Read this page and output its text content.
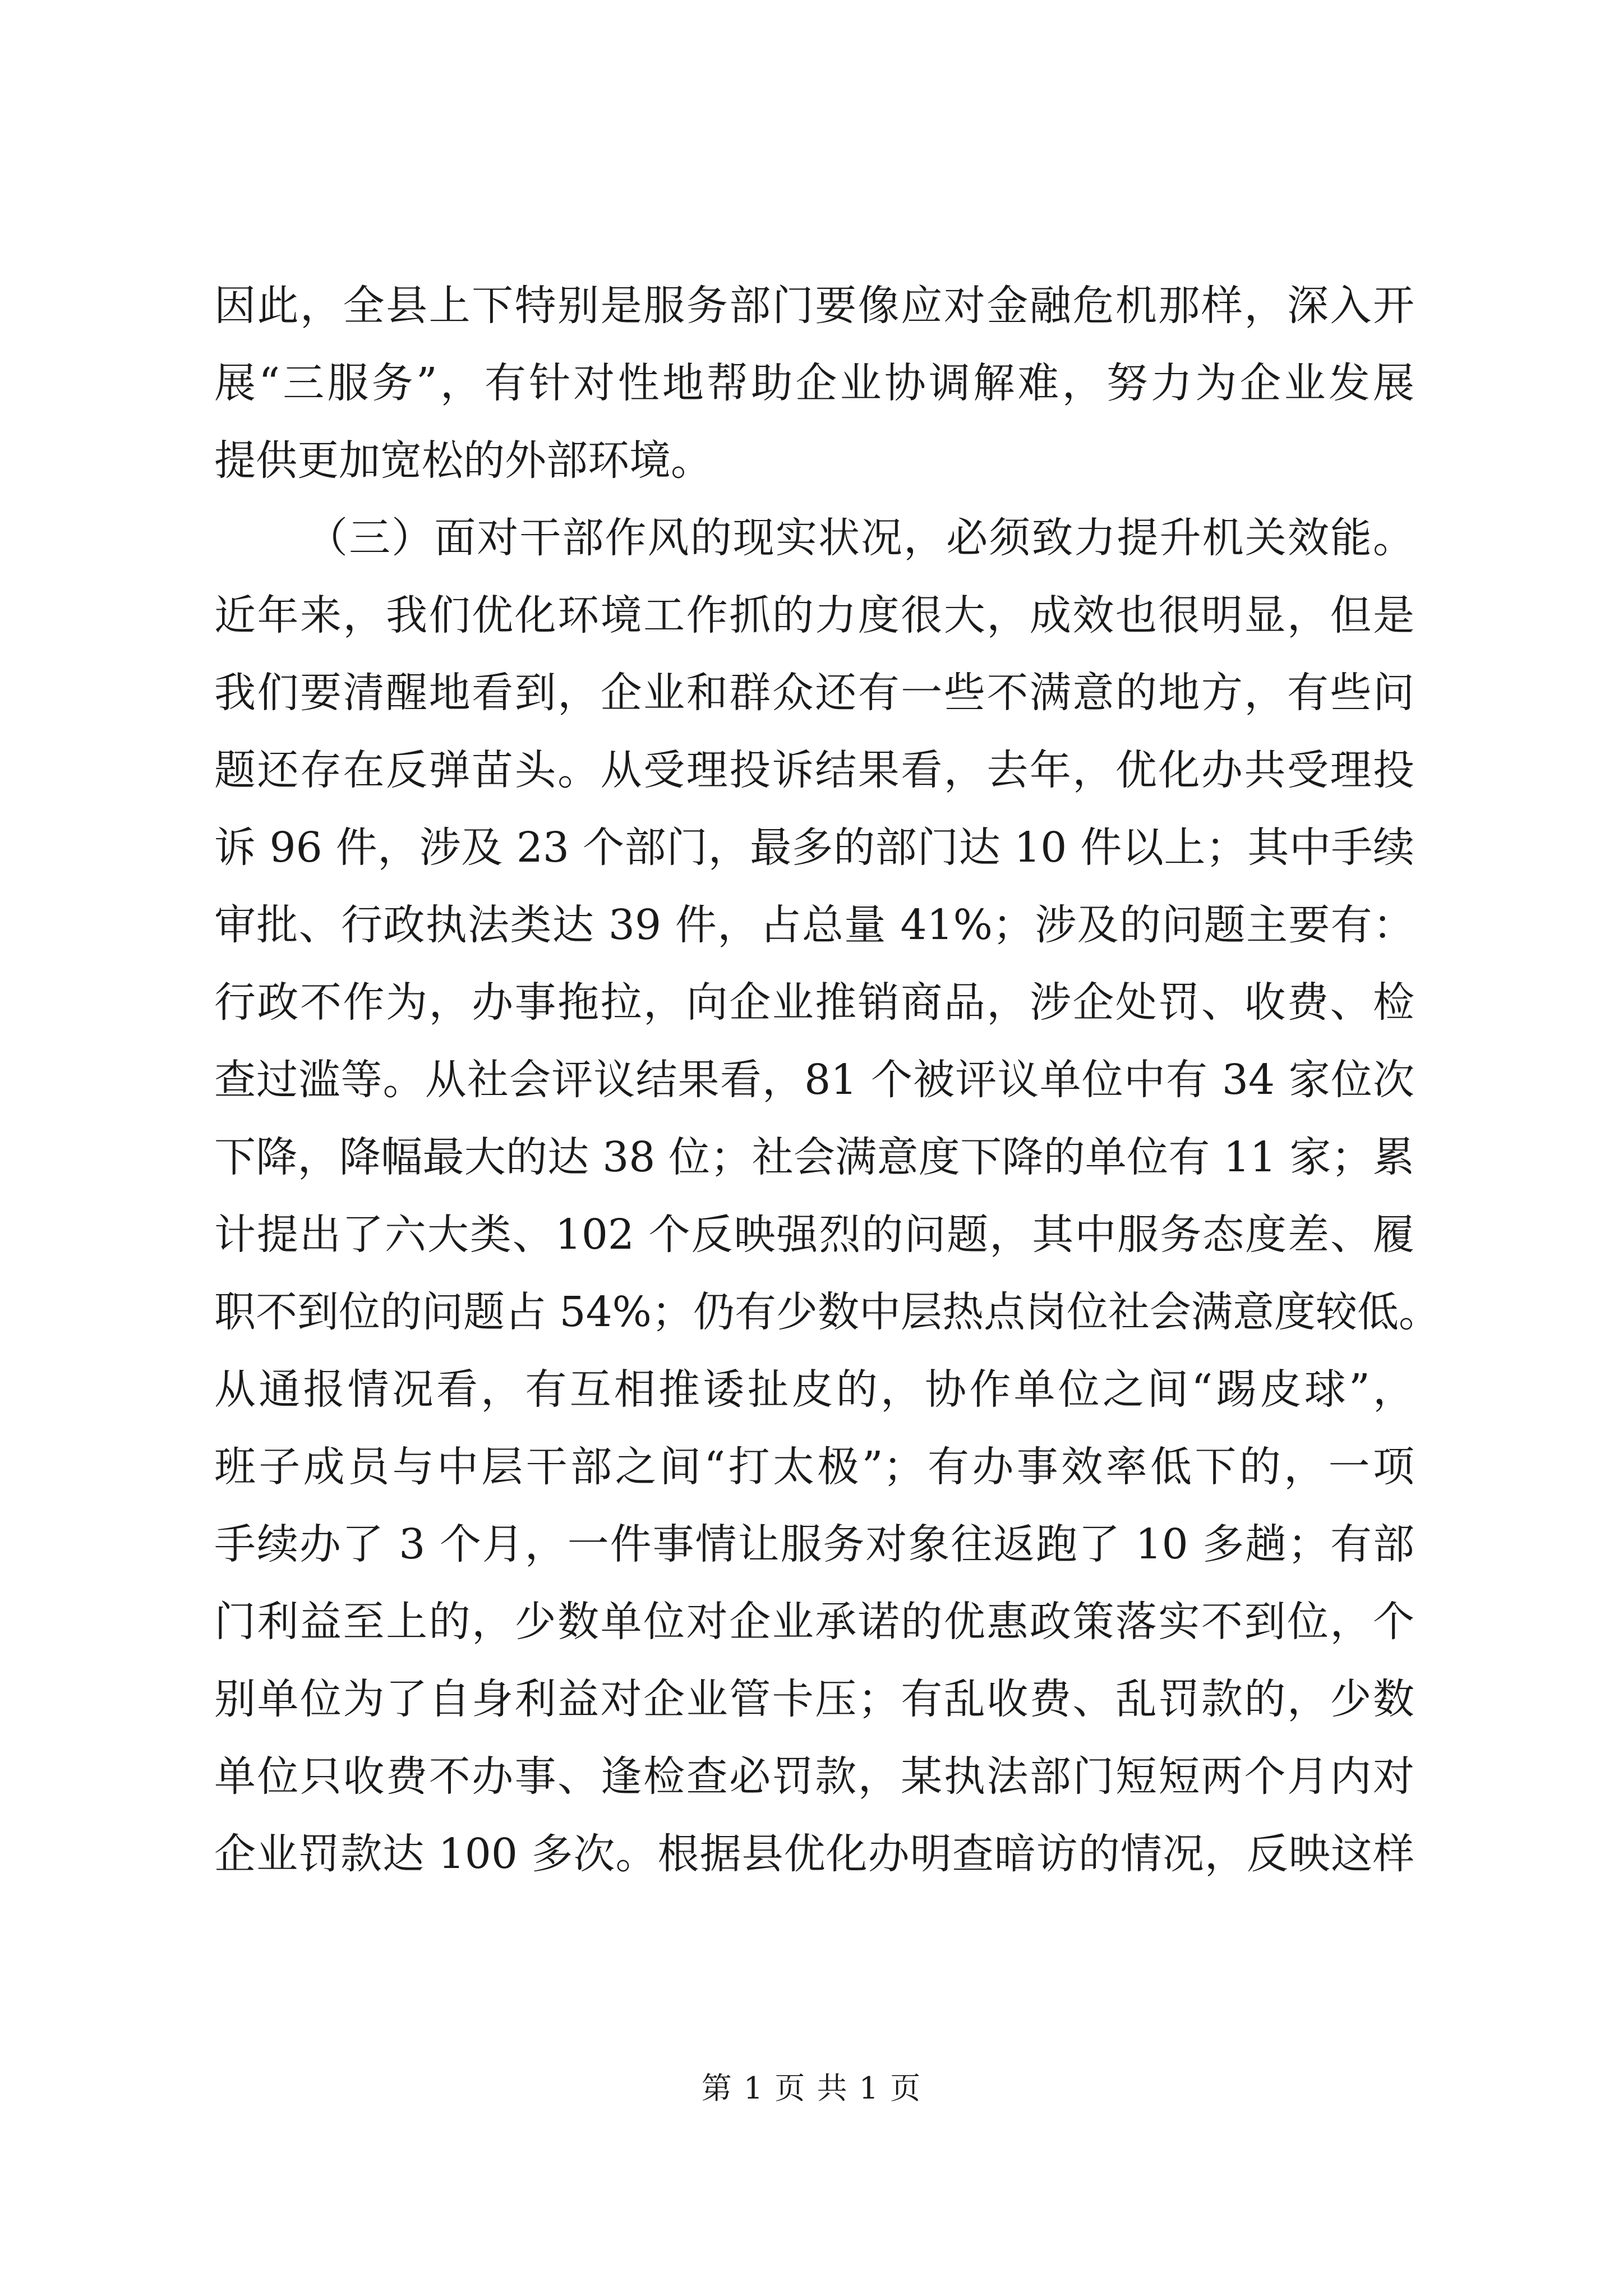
因此，全县上下特别是服务部门要像应对金融危机那样，深入开
展“三服务”，有针对性地帮助企业协调解难，努力为企业发展
提供更加宽松的外部环境。
（三）面对干部作风的现实状况，必须致力提升机关效能。
近年来，我们优化环境工作抓的力度很大，成效也很明显，但是
我们要清醒地看到，企业和群众还有一些不满意的地方，有些问
题还存在反弹苗头。从受理投诉结果看，去年，优化办共受理投
诉 96 件，涉及 23 个部门，最多的部门达 10 件以上；其中手续
审批、行政执法类达 39 件，占总量 41%；涉及的问题主要有：
行政不作为，办事拖拉，向企业推销商品，涉企处罚、收费、检
查过滥等。从社会评议结果看，81 个被评议单位中有 34 家位次
下降，降幅最大的达 38 位；社会满意度下降的单位有 11 家；累
计提出了六大类、102 个反映强烈的问题，其中服务态度差、履
职不到位的问题占 54%；仍有少数中层热点岗位社会满意度较低。
从通报情况看，有互相推诿扯皮的，协作单位之间“踢皮球”，
班子成员与中层干部之间“打太极”；有办事效率低下的，一项
手续办了 3 个月，一件事情让服务对象往返跑了 10 多趟；有部
门利益至上的，少数单位对企业承诺的优惠政策落实不到位，个
别单位为了自身利益对企业管卡压；有乱收费、乱罚款的，少数
单位只收费不办事、逢检查必罚款，某执法部门短短两个月内对
企业罚款达 100 多次。根据县优化办明查暗访的情况，反映这样
第 1 页 共 1 页
